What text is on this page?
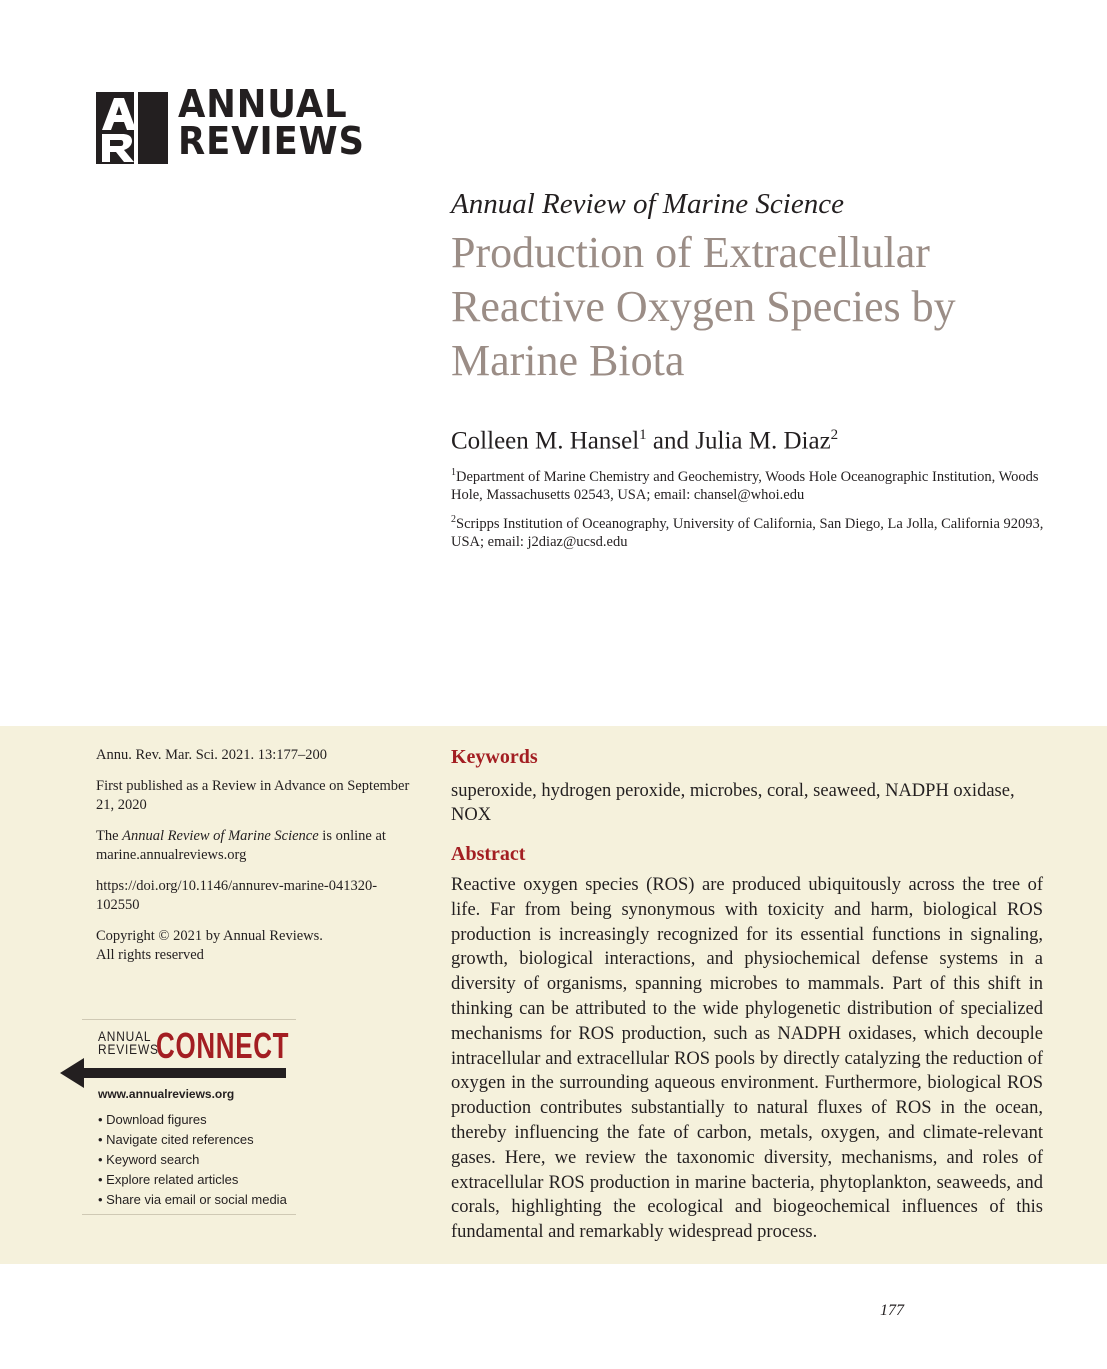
ANNUAL
REVIEWS

Annual Review of Marine Science

Production of Extracellular Reactive Oxygen Species by Marine Biota

Colleen M. Hansel$^1$ and Julia M. Diaz$^2$

$^1$Department of Marine Chemistry and Geochemistry, Woods Hole Oceanographic Institution, Woods Hole, Massachusetts 02543, USA; email: chansel@whoi.edu

$^2$Scripps Institution of Oceanography, University of California, San Diego, La Jolla, California 92093, USA; email: j2diaz@ucsd.edu

Annu. Rev. Mar. Sci. 2021. 13:177–200

First published as a Review in Advance on September 21, 2020

The Annual Review of Marine Science is online at marine.annualreviews.org

https://doi.org/10.1146/annurev-marine-041320-102550

Copyright © 2021 by Annual Reviews.
All rights reserved

ANNUAL
REVIEWS
CONNECT
www.annualreviews.org
• Download figures
• Navigate cited references
• Keyword search
• Explore related articles
• Share via email or social media
Keywords

superoxide, hydrogen peroxide, microbes, coral, seaweed, NADPH oxidase, NOX

Abstract

Reactive oxygen species (ROS) are produced ubiquitously across the tree of life. Far from being synonymous with toxicity and harm, biological ROS production is increasingly recognized for its essential functions in signaling, growth, biological interactions, and physiochemical defense systems in a diversity of organisms, spanning microbes to mammals. Part of this shift in thinking can be attributed to the wide phylogenetic distribution of specialized mechanisms for ROS production, such as NADPH oxidases, which decouple intracellular and extracellular ROS pools by directly catalyzing the reduction of oxygen in the surrounding aqueous environment. Furthermore, biological ROS production contributes substantially to natural fluxes of ROS in the ocean, thereby influencing the fate of carbon, metals, oxygen, and climate-relevant gases. Here, we review the taxonomic diversity, mechanisms, and roles of extracellular ROS production in marine bacteria, phytoplankton, seaweeds, and corals, highlighting the ecological and biogeochemical influences of this fundamental and remarkably widespread process.

177
